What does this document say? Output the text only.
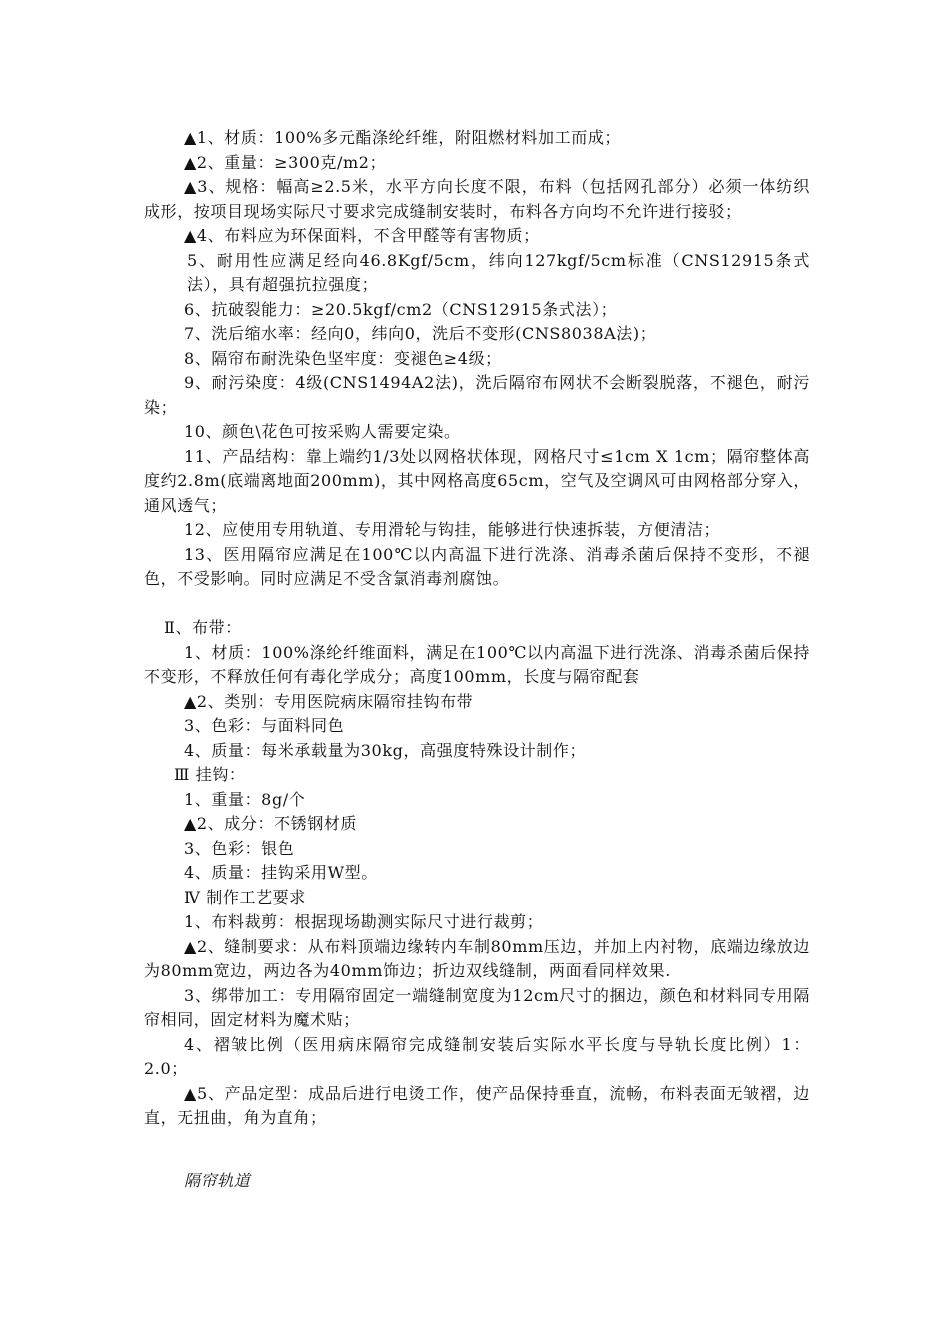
▲1、材质：100%多元酯涤纶纤维，附阻燃材料加工而成；

▲2、重量：≥300克/m2；

▲3、规格：幅高≥2.5米，水平方向长度不限，布料（包括网孔部分）必须一体纺织成形，按项目现场实际尺寸要求完成缝制安装时，布料各方向均不允许进行接驳；

▲4、布料应为环保面料，不含甲醛等有害物质；

5、耐用性应满足经向46.8Kgf/5cm，纬向127kgf/5cm标准（CNS12915条式法），具有超强抗拉强度；

6、抗破裂能力：≥20.5kgf/cm2（CNS12915条式法）；

7、洗后缩水率：经向0，纬向0，洗后不变形(CNS8038A法)；

8、隔帘布耐洗染色坚牢度：变褪色≥4级；

9、耐污染度：4级(CNS1494A2法)，洗后隔帘布网状不会断裂脱落，不褪色，耐污染；

10、颜色\花色可按采购人需要定染。

11、产品结构：靠上端约1/3处以网格状体现，网格尺寸≤1cm X 1cm；隔帘整体高度约2.8m(底端离地面200mm)，其中网格高度65cm，空气及空调风可由网格部分穿入，通风透气；

12、应使用专用轨道、专用滑轮与钩挂，能够进行快速拆装，方便清洁；

13、医用隔帘应满足在100℃以内高温下进行洗涤、消毒杀菌后保持不变形，不褪色，不受影响。同时应满足不受含氯消毒剂腐蚀。

Ⅱ、布带：

1、材质：100%涤纶纤维面料，满足在100℃以内高温下进行洗涤、消毒杀菌后保持不变形，不释放任何有毒化学成分；高度100mm，长度与隔帘配套

▲2、类别：专用医院病床隔帘挂钩布带

3、色彩：与面料同色

4、质量：每米承载量为30kg，高强度特殊设计制作；

Ⅲ 挂钩：

1、重量：8g/个

▲2、成分：不锈钢材质

3、色彩：银色

4、质量：挂钩采用W型。

Ⅳ 制作工艺要求

1、布料裁剪：根据现场勘测实际尺寸进行裁剪；

▲2、缝制要求：从布料顶端边缘转内车制80mm压边，并加上内衬物，底端边缘放边为80mm宽边，两边各为40mm饰边；折边双线缝制，两面看同样效果.

3、绑带加工：专用隔帘固定一端缝制宽度为12cm尺寸的捆边，颜色和材料同专用隔帘相同，固定材料为魔术贴；

4、褶皱比例（医用病床隔帘完成缝制安装后实际水平长度与导轨长度比例）1：2.0；

▲5、产品定型：成品后进行电烫工作，使产品保持垂直，流畅，布料表面无皱褶，边直，无扭曲，角为直角；

隔帘轨道
